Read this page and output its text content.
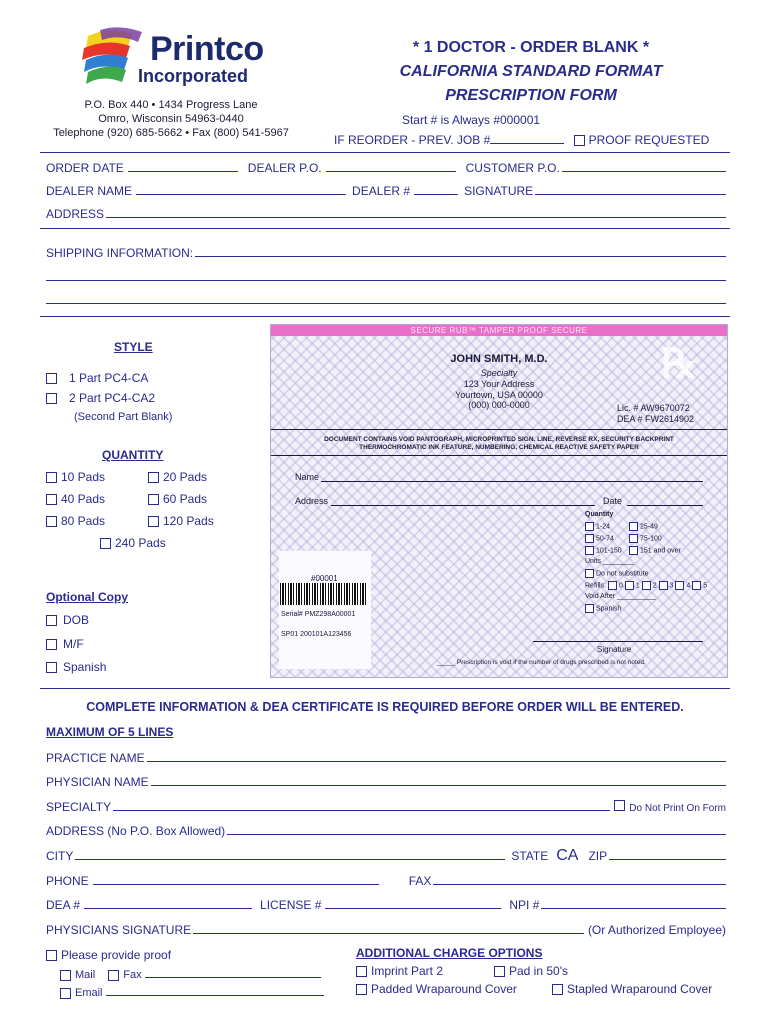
Printco
Incorporated
P.O. Box 440 • 1434 Progress Lane
Omro, Wisconsin 54963-0440
Telephone (920) 685-5662 • Fax (800) 541-5967
* 1 DOCTOR - ORDER BLANK *
CALIFORNIA STANDARD FORMAT
PRESCRIPTION FORM
Start # is Always #000001
IF REORDER - PREV. JOB #	PROOF REQUESTED
ORDER DATE	DEALER P.O.	CUSTOMER P.O.
DEALER NAME	DEALER #	SIGNATURE
ADDRESS
SHIPPING INFORMATION:
STYLE
1 Part PC4-CA
2 Part PC4-CA2
(Second Part Blank)
QUANTITY
10 Pads	20 Pads
40 Pads	60 Pads
80 Pads	120 Pads
240 Pads
Optional Copy
DOB
M/F
Spanish
SECURE RUB™ TAMPER PROOF SECURE
JOHN SMITH, M.D.
Specialty
123 Your Address
Yourtown, USA 00000
(000) 000-0000	Lic. # AW9670072
DEA # FW2614902
℞
DOCUMENT CONTAINS VOID PANTOGRAPH, MICROPRINTED SIGN. LINE, REVERSE RX, SECURITY BACKPRINT
THERMOCHROMATIC INK FEATURE, NUMBERING, CHEMICAL REACTIVE SAFETY PAPER
Name
Address	Date
Quantity
1-24	25-49
50-74	75-100
101-150	151 and over
Units ________
Do not substitute
Refills: 0 1 2 3 4 5
Void After __________
Spanish
#00001
Serial# PMZ298A00001
SP01 200101A123456
Signature
_____ Prescription is void if the number of drugs prescribed is not noted.
COMPLETE INFORMATION & DEA CERTIFICATE IS REQUIRED BEFORE ORDER WILL BE ENTERED.
MAXIMUM OF 5 LINES
PRACTICE NAME
PHYSICIAN NAME
SPECIALTY	Do Not Print On Form
ADDRESS (No P.O. Box Allowed)
CITY	STATE CA ZIP
PHONE	FAX
DEA #	LICENSE #	NPI #
PHYSICIANS SIGNATURE	(Or Authorized Employee)
Please provide proof
Mail	Fax
Email
ADDITIONAL CHARGE OPTIONS
Imprint Part 2	Pad in 50's
Padded Wraparound Cover	Stapled Wraparound Cover
